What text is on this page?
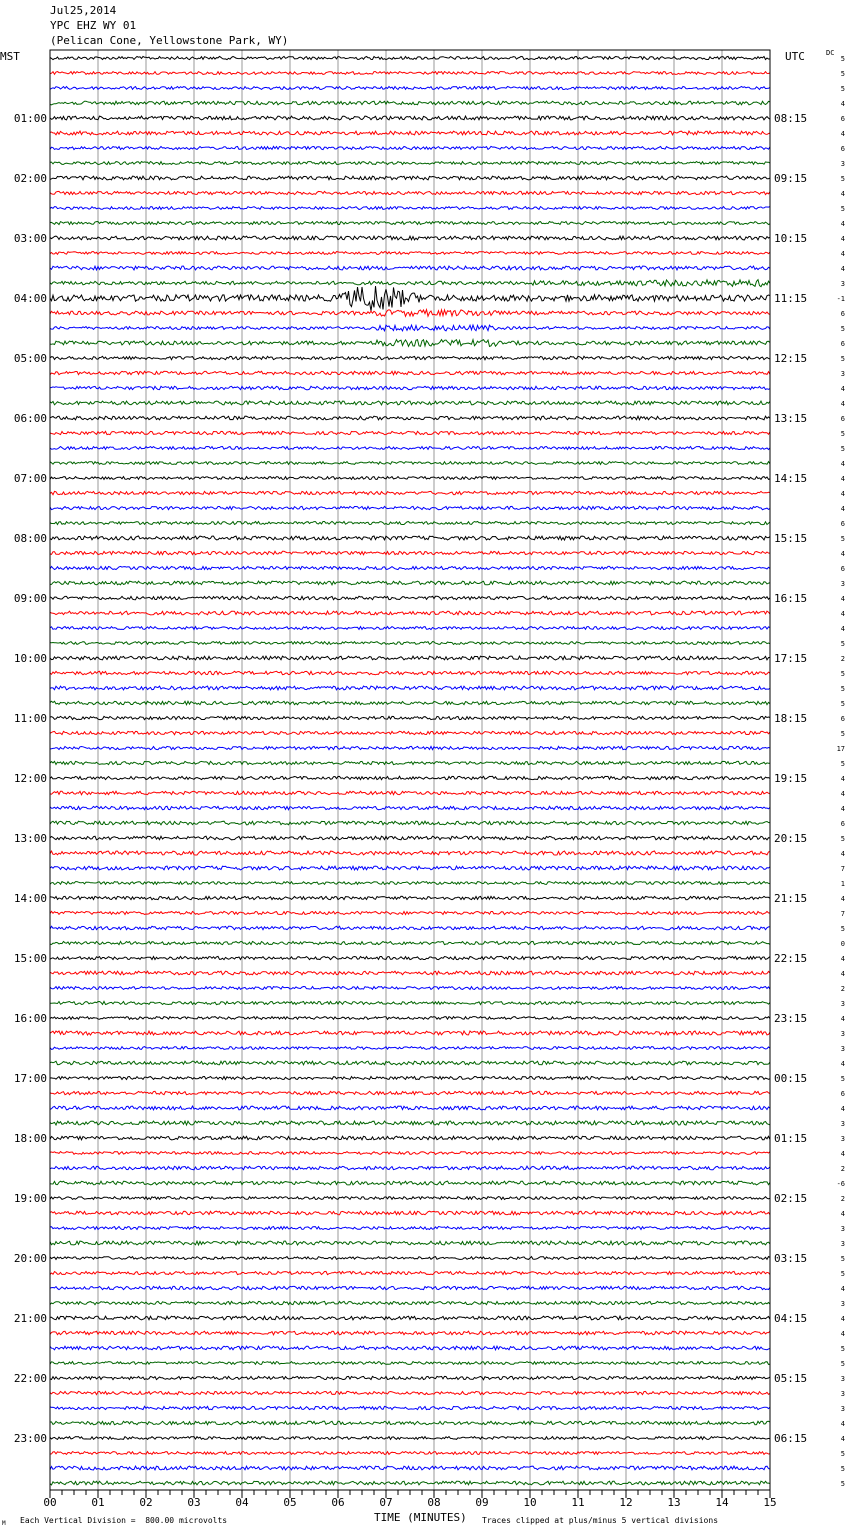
00	01	02	03	04	05	06	07	08	09	10	11	12	13	14	15
01:00
02:00
03:00
04:00
05:00
06:00
07:00
08:00
09:00
10:00
11:00
12:00
13:00
14:00
15:00
16:00
17:00
18:00
19:00
20:00
21:00
22:00
23:00
08:15
09:15
10:15
11:15
12:15
13:15
14:15
15:15
16:15
17:15
18:15
19:15
20:15
21:15
22:15
23:15
00:15
01:15
02:15
03:15
04:15
05:15
06:15
5
5
5
4
6
4
6
3
5
4
5
4
4
4
4
3
-1
6
5
6
5
3
4
4
6
5
5
4
4
4
4
6
5
4
6
3
4
4
4
5
2
5
5
5
6
5
17
5
4
4
4
6
5
4
7
1
4
7
5
0
4
4
2
3
4
3
3
4
5
6
4
3
3
4
2
-6
2
4
3
3
5
5
4
3
4
4
5
5
3
3
3
4
4
5
5
5
Jul25,2014
YPC EHZ WY 01
(Pelican Cone, Yellowstone Park, WY)
MST	UTC	DC
M Each Vertical Division =  800.00 microvolts	TIME (MINUTES) Traces clipped at plus/minus 5 vertical divisions
